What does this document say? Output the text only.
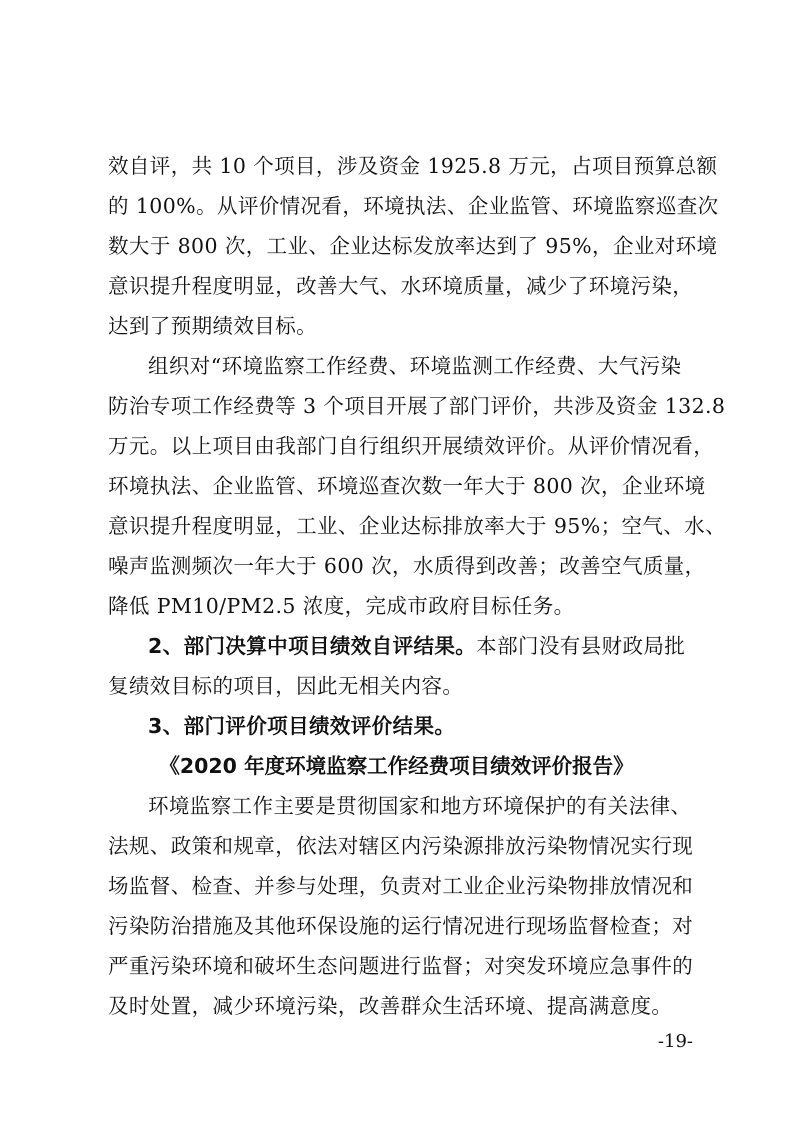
效自评，共 10 个项目，涉及资金 1925.8 万元，占项目预算总额
的 100%。从评价情况看，环境执法、企业监管、环境监察巡查次
数大于 800 次，工业、企业达标发放率达到了 95%，企业对环境
意识提升程度明显，改善大气、水环境质量，减少了环境污染，
达到了预期绩效目标。
组织对“环境监察工作经费、环境监测工作经费、大气污染
防治专项工作经费等 3 个项目开展了部门评价，共涉及资金 132.8
万元。以上项目由我部门自行组织开展绩效评价。从评价情况看，
环境执法、企业监管、环境巡查次数一年大于 800 次，企业环境
意识提升程度明显，工业、企业达标排放率大于 95%；空气、水、
噪声监测频次一年大于 600 次，水质得到改善；改善空气质量，
降低 PM10/PM2.5 浓度，完成市政府目标任务。
2、部门决算中项目绩效自评结果。本部门没有县财政局批
复绩效目标的项目，因此无相关内容。
3、部门评价项目绩效评价结果。
《2020 年度环境监察工作经费项目绩效评价报告》
环境监察工作主要是贯彻国家和地方环境保护的有关法律、
法规、政策和规章，依法对辖区内污染源排放污染物情况实行现
场监督、检查、并参与处理，负责对工业企业污染物排放情况和
污染防治措施及其他环保设施的运行情况进行现场监督检查；对
严重污染环境和破坏生态问题进行监督；对突发环境应急事件的
及时处置，减少环境污染，改善群众生活环境、提高满意度。
-19-
